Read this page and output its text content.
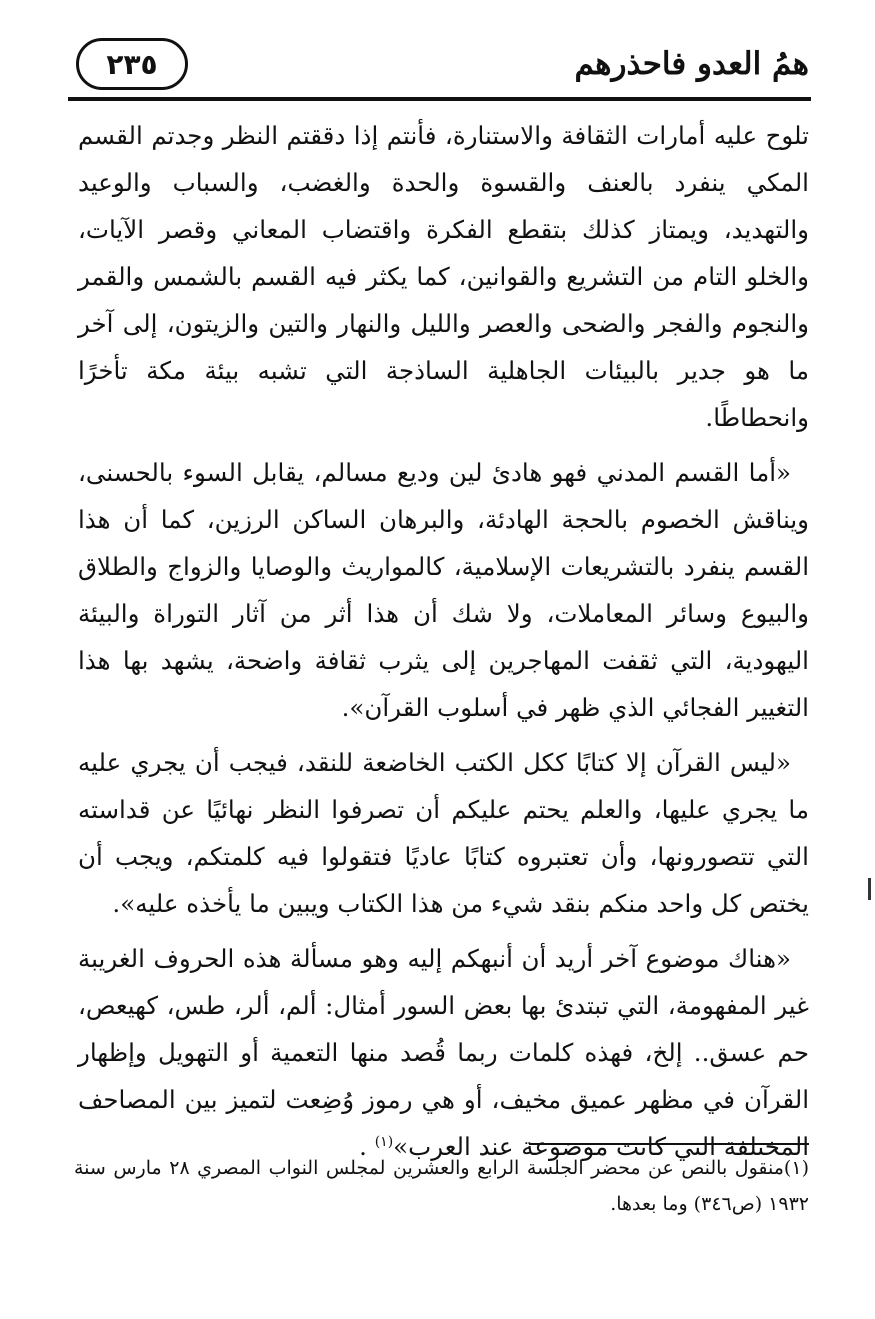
همُ العدو فاحذرهم
٢٣٥

تلوح عليه أمارات الثقافة والاستنارة، فأنتم إذا دققتم النظر وجدتم القسم المكي ينفرد بالعنف والقسوة والحدة والغضب، والسباب والوعيد والتهديد، ويمتاز كذلك بتقطع الفكرة واقتضاب المعاني وقصر الآيات، والخلو التام من التشريع والقوانين، كما يكثر فيه القسم بالشمس والقمر والنجوم والفجر والضحى والعصر والليل والنهار والتين والزيتون، إلى آخر ما هو جدير بالبيئات الجاهلية الساذجة التي تشبه بيئة مكة تأخرًا وانحطاطًا.

«أما القسم المدني فهو هادئ لين وديع مسالم، يقابل السوء بالحسنى، ويناقش الخصوم بالحجة الهادئة، والبرهان الساكن الرزين، كما أن هذا القسم ينفرد بالتشريعات الإسلامية، كالمواريث والوصايا والزواج والطلاق والبيوع وسائر المعاملات، ولا شك أن هذا أثر من آثار التوراة والبيئة اليهودية، التي ثقفت المهاجرين إلى يثرب ثقافة واضحة، يشهد بها هذا التغيير الفجائي الذي ظهر في أسلوب القرآن».

«ليس القرآن إلا كتابًا ككل الكتب الخاضعة للنقد، فيجب أن يجري عليه ما يجري عليها، والعلم يحتم عليكم أن تصرفوا النظر نهائيًا عن قداسته التي تتصورونها، وأن تعتبروه كتابًا عاديًا فتقولوا فيه كلمتكم، ويجب أن يختص كل واحد منكم بنقد شيء من هذا الكتاب ويبين ما يأخذه عليه».

«هناك موضوع آخر أريد أن أنبهكم إليه وهو مسألة هذه الحروف الغريبة غير المفهومة، التي تبتدئ بها بعض السور أمثال: ألم، ألر، طس، كهيعص، حم عسق.. إلخ، فهذه كلمات ربما قُصد منها التعمية أو التهويل وإظهار القرآن في مظهر عميق مخيف، أو هي رموز وُضِعت لتميز بين المصاحف المختلفة التي كانت موضوعة عند العرب»$^{(١)}$ .

(١)منقول بالنص عن محضر الجلسة الرابع والعشرين لمجلس النواب المصري ٢٨ مارس سنة ١٩٣٢ (ص٣٤٦) وما بعدها.
